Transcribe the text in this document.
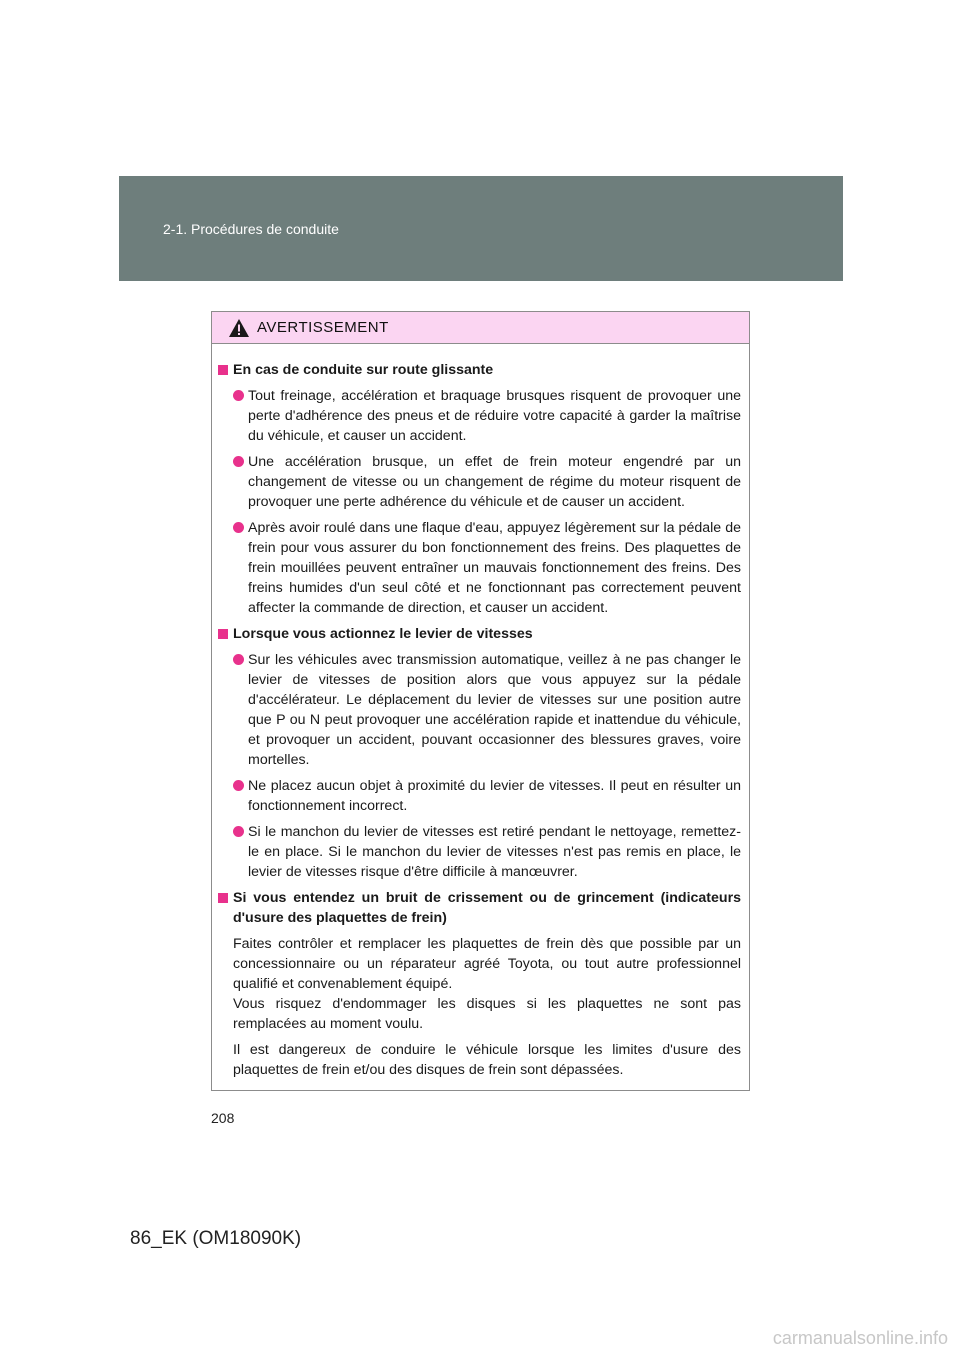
2-1. Procédures de conduite
AVERTISSEMENT
En cas de conduite sur route glissante
Tout freinage, accélération et braquage brusques risquent de provoquer une perte d'adhérence des pneus et de réduire votre capacité à garder la maîtrise du véhicule, et causer un accident.
Une accélération brusque, un effet de frein moteur engendré par un changement de vitesse ou un changement de régime du moteur risquent de provoquer une perte adhérence du véhicule et de causer un accident.
Après avoir roulé dans une flaque d'eau, appuyez légèrement sur la pédale de frein pour vous assurer du bon fonctionnement des freins. Des plaquettes de frein mouillées peuvent entraîner un mauvais fonctionnement des freins. Des freins humides d'un seul côté et ne fonctionnant pas correctement peuvent affecter la commande de direction, et causer un accident.
Lorsque vous actionnez le levier de vitesses
Sur les véhicules avec transmission automatique, veillez à ne pas changer le levier de vitesses de position alors que vous appuyez sur la pédale d'accélérateur. Le déplacement du levier de vitesses sur une position autre que P ou N peut provoquer une accélération rapide et inattendue du véhicule, et provoquer un accident, pouvant occasionner des blessures graves, voire mortelles.
Ne placez aucun objet à proximité du levier de vitesses. Il peut en résulter un fonctionnement incorrect.
Si le manchon du levier de vitesses est retiré pendant le nettoyage, remettez-le en place. Si le manchon du levier de vitesses n'est pas remis en place, le levier de vitesses risque d'être difficile à manœuvrer.
Si vous entendez un bruit de crissement ou de grincement (indicateurs d'usure des plaquettes de frein)
Faites contrôler et remplacer les plaquettes de frein dès que possible par un concessionnaire ou un réparateur agréé Toyota, ou tout autre professionnel qualifié et convenablement équipé.
Vous risquez d'endommager les disques si les plaquettes ne sont pas remplacées au moment voulu.
Il est dangereux de conduire le véhicule lorsque les limites d'usure des plaquettes de frein et/ou des disques de frein sont dépassées.
208
86_EK (OM18090K)
carmanualsonline.info
